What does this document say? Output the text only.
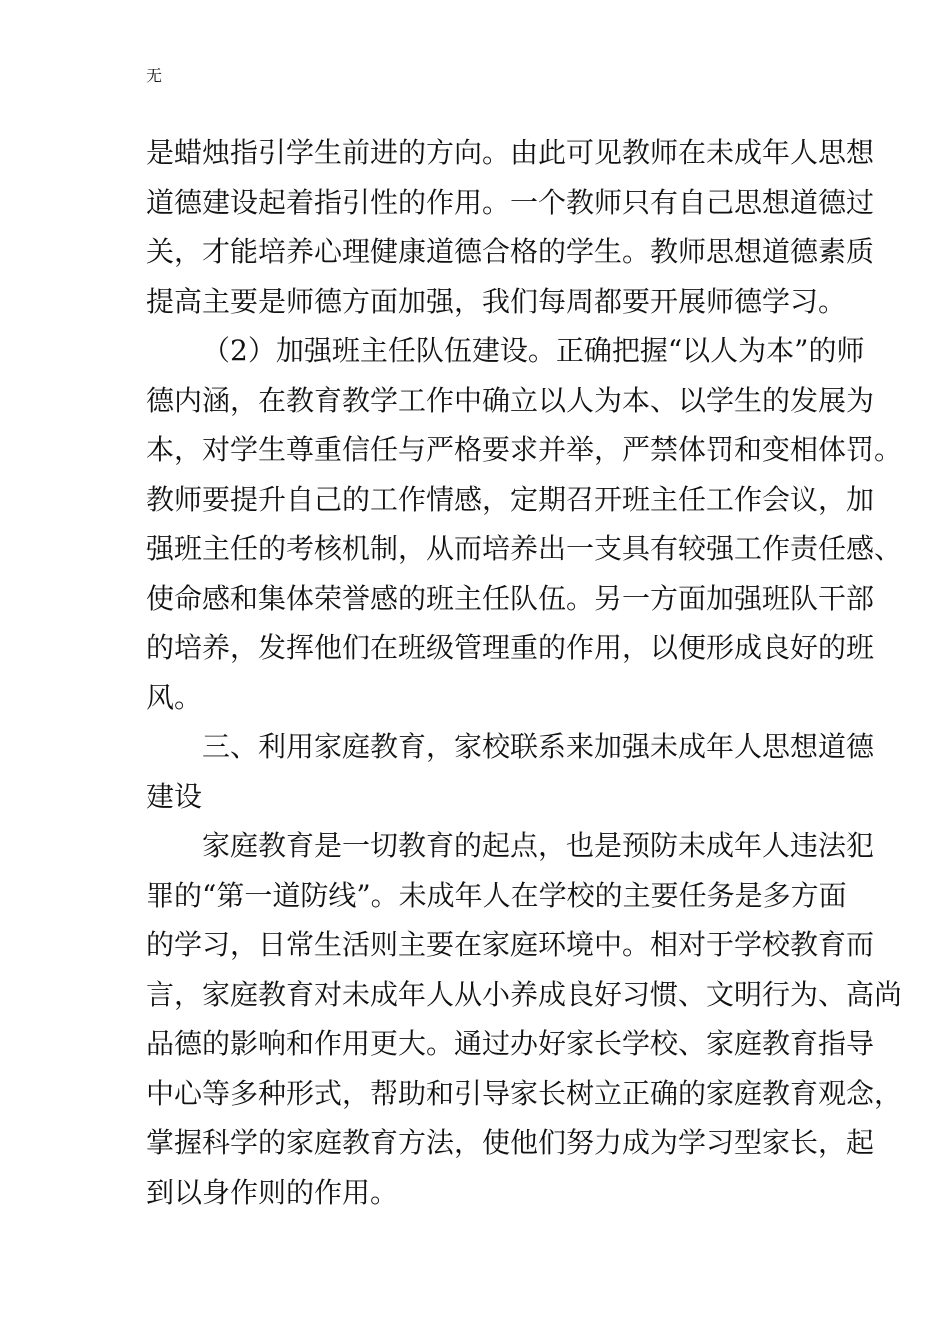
无
是蜡烛指引学生前进的方向。由此可见教师在未成年人思想
道德建设起着指引性的作用。一个教师只有自己思想道德过
关，才能培养心理健康道德合格的学生。教师思想道德素质
提高主要是师德方面加强，我们每周都要开展师德学习。
（2）加强班主任队伍建设。正确把握“以人为本”的师
德内涵，在教育教学工作中确立以人为本、以学生的发展为
本，对学生尊重信任与严格要求并举，严禁体罚和变相体罚。
教师要提升自己的工作情感，定期召开班主任工作会议，加
强班主任的考核机制，从而培养出一支具有较强工作责任感、
使命感和集体荣誉感的班主任队伍。另一方面加强班队干部
的培养，发挥他们在班级管理重的作用，以便形成良好的班
风。
三、利用家庭教育，家校联系来加强未成年人思想道德
建设
家庭教育是一切教育的起点，也是预防未成年人违法犯
罪的“第一道防线”。未成年人在学校的主要任务是多方面
的学习，日常生活则主要在家庭环境中。相对于学校教育而
言，家庭教育对未成年人从小养成良好习惯、文明行为、高尚
品德的影响和作用更大。通过办好家长学校、家庭教育指导
中心等多种形式，帮助和引导家长树立正确的家庭教育观念，
掌握科学的家庭教育方法，使他们努力成为学习型家长，起
到以身作则的作用。
